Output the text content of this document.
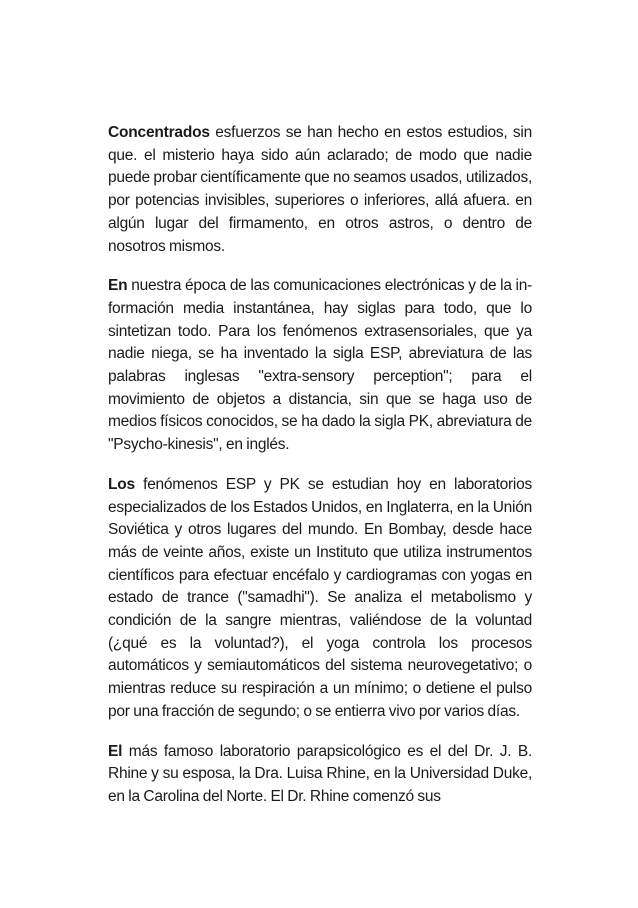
Concentrados esfuerzos se han hecho en estos estudios, sin que. el misterio haya sido aún aclarado; de modo que nadie puede probar científicamente que no seamos usados, utilizados, por potencias invisibles, superiores o inferiores, allá afuera. en algún lugar del firmamento, en otros astros, o dentro de nosotros mismos.

En nuestra época de las comunicaciones electrónicas y de la in- formación media instantánea, hay siglas para todo, que lo sintetizan todo. Para los fenómenos extrasensoriales, que ya nadie niega, se ha inventado la sigla ESP, abreviatura de las palabras inglesas "extra-sensory perception"; para el movimiento de objetos a distancia, sin que se haga uso de medios físicos conocidos, se ha dado la sigla PK, abreviatura de "Psycho-kinesis", en inglés.

Los fenómenos ESP y PK se estudian hoy en laboratorios especializados de los Estados Unidos, en Inglaterra, en la Unión Soviética y otros lugares del mundo. En Bombay, desde hace más de veinte años, existe un Instituto que utiliza instrumentos científicos para efectuar encéfalo y cardiogramas con yogas en estado de trance ("samadhi"). Se analiza el metabolismo y condición de la sangre mientras, valiéndose de la voluntad (¿qué es la voluntad?), el yoga controla los procesos automáticos y semiautomáticos del sistema neurovegetativo; o mientras reduce su respiración a un mínimo; o detiene el pulso por una fracción de segundo; o se entierra vivo por varios días.

El más famoso laboratorio parapsicológico es el del Dr. J. B. Rhine y su esposa, la Dra. Luisa Rhine, en la Universidad Duke, en la Carolina del Norte. El Dr. Rhine comenzó sus
